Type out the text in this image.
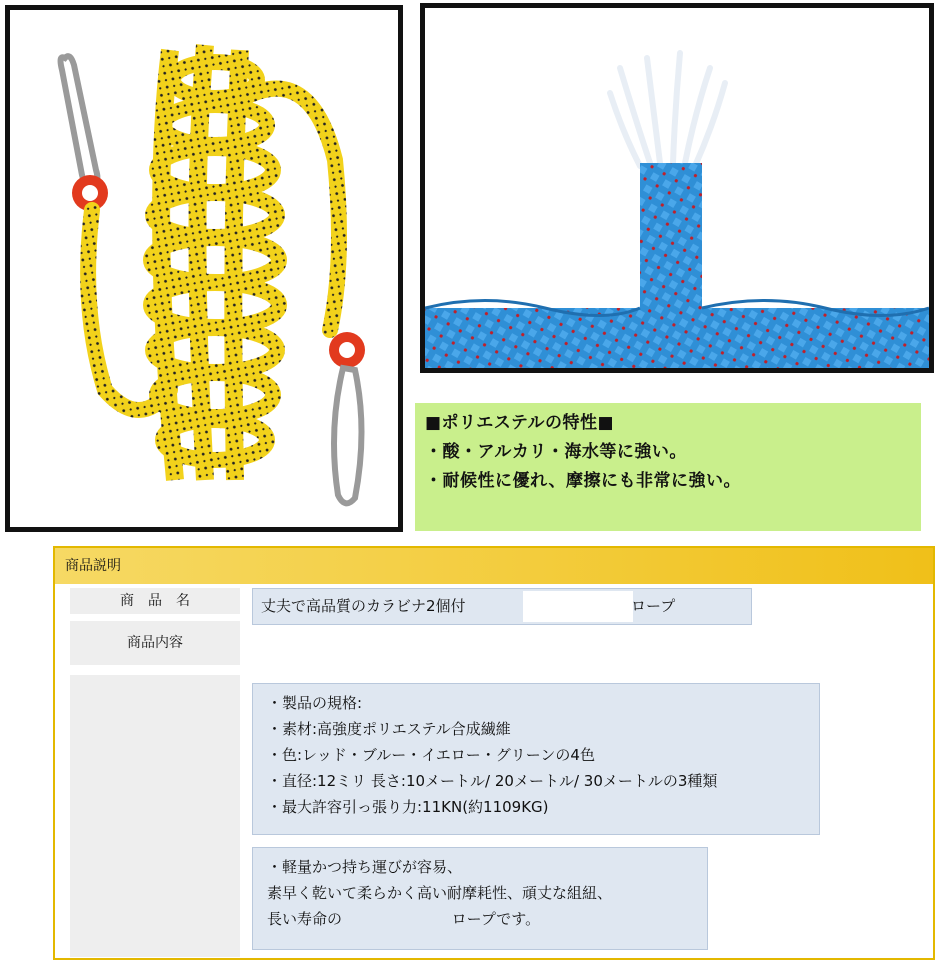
■ポリエステルの特性■
・酸・アルカリ・海水等に強い。
・耐候性に優れ、摩擦にも非常に強い。
商品説明
商　品　名	丈夫で高品質のカラビナ2個付	ロープ
商品内容
・製品の規格:
・素材:高強度ポリエステル合成繊維
・色:レッド・ブルー・イエロー・グリーンの4色
・直径:12ミリ 長さ:10メートル/ 20メートル/ 30メートルの3種類
・最大許容引っ張り力:11KN(約1109KG)
・軽量かつ持ち運びが容易、
素早く乾いて柔らかく高い耐摩耗性、頑丈な組紐、
長い寿命の	ロープです。
